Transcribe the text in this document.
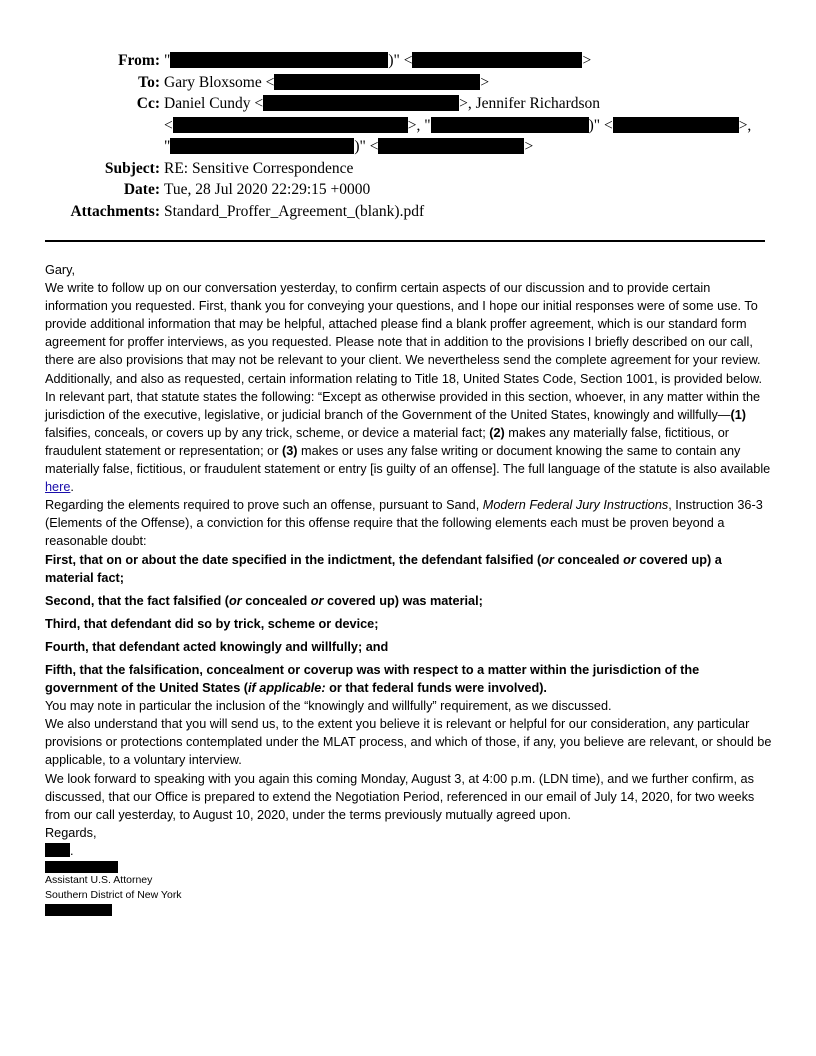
From: "	)" <	>
To: Gary Bloxsome <	>
Cc: Daniel Cundy <	>, Jennifer Richardson
<	>, "	)" <	>,
"	)" <	>
Subject: RE: Sensitive Correspondence
Date: Tue, 28 Jul 2020 22:29:15 +0000
Attachments: Standard_Proffer_Agreement_(blank).pdf

Gary,

We write to follow up on our conversation yesterday, to confirm certain aspects of our discussion and to provide certain information you requested. First, thank you for conveying your questions, and I hope our initial responses were of some use. To provide additional information that may be helpful, attached please find a blank proffer agreement, which is our standard form agreement for proffer interviews, as you requested. Please note that in addition to the provisions I briefly described on our call, there are also provisions that may not be relevant to your client. We nevertheless send the complete agreement for your review.

Additionally, and also as requested, certain information relating to Title 18, United States Code, Section 1001, is provided below.

In relevant part, that statute states the following: “Except as otherwise provided in this section, whoever, in any matter within the jurisdiction of the executive, legislative, or judicial branch of the Government of the United States, knowingly and willfully—(1) falsifies, conceals, or covers up by any trick, scheme, or device a material fact; (2) makes any materially false, fictitious, or fraudulent statement or representation; or (3) makes or uses any false writing or document knowing the same to contain any materially false, fictitious, or fraudulent statement or entry [is guilty of an offense]. The full language of the statute is also available here.

Regarding the elements required to prove such an offense, pursuant to Sand, Modern Federal Jury Instructions, Instruction 36-3 (Elements of the Offense), a conviction for this offense require that the following elements each must be proven beyond a reasonable doubt:

First, that on or about the date specified in the indictment, the defendant falsified (or concealed or covered up) a material fact;

Second, that the fact falsified (or concealed or covered up) was material;

Third, that defendant did so by trick, scheme or device;

Fourth, that defendant acted knowingly and willfully; and

Fifth, that the falsification, concealment or coverup was with respect to a matter within the jurisdiction of the government of the United States (if applicable: or that federal funds were involved).

You may note in particular the inclusion of the “knowingly and willfully” requirement, as we discussed.

We also understand that you will send us, to the extent you believe it is relevant or helpful for our consideration, any particular provisions or protections contemplated under the MLAT process, and which of those, if any, you believe are relevant, or should be applicable, to a voluntary interview.

We look forward to speaking with you again this coming Monday, August 3, at 4:00 p.m. (LDN time), and we further confirm, as discussed, that our Office is prepared to extend the Negotiation Period, referenced in our email of July 14, 2020, for two weeks from our call yesterday, to August 10, 2020, under the terms previously mutually agreed upon.

Regards,

.
Assistant U.S. Attorney
Southern District of New York
